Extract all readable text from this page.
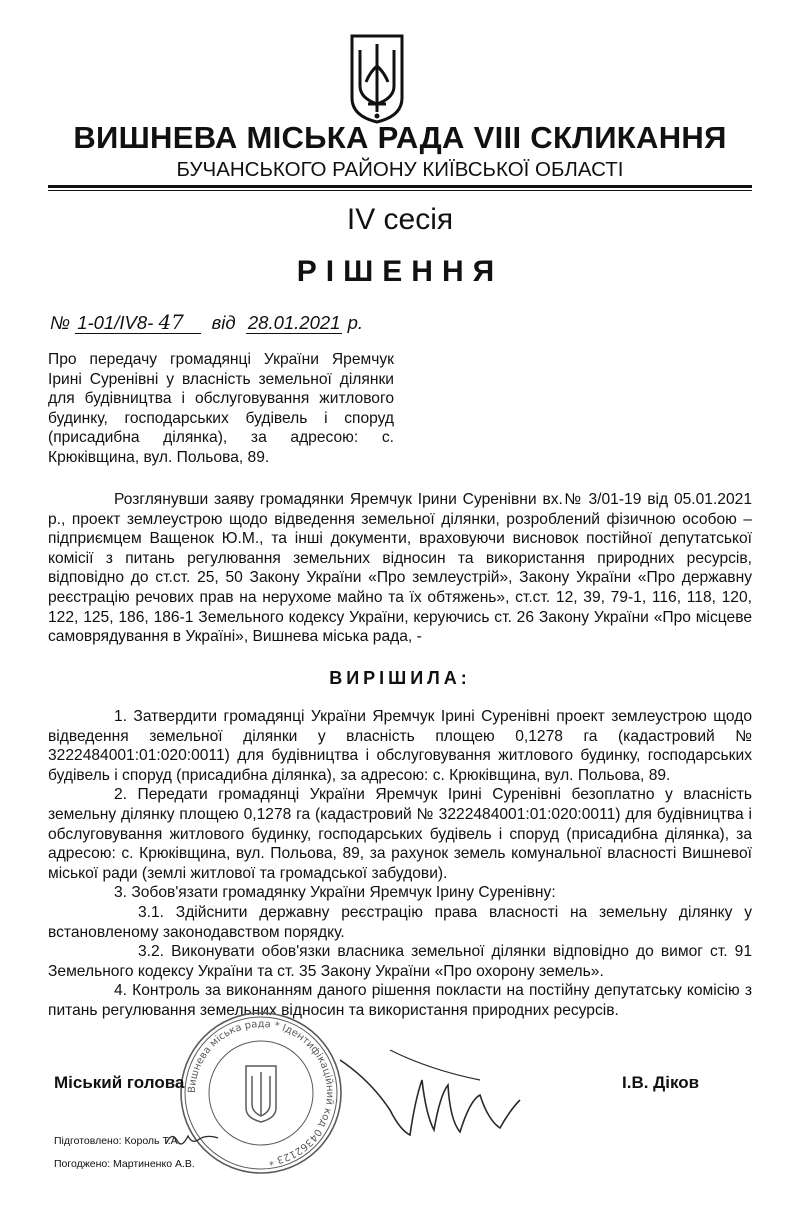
ВИШНЕВА МІСЬКА РАДА VIII СКЛИКАННЯ
БУЧАНСЬКОГО РАЙОНУ КИЇВСЬКОЇ ОБЛАСТІ
IV сесія
РІШЕННЯ
№ 1-01/IV8- 47 від 28.01.2021 р.
Про передачу громадянці України Яремчук Ірині Суренівні у власність земельної ділянки для будівництва і обслуговування житлового будинку, господарських будівель і споруд (присадибна ділянка), за адресою: с. Крюківщина, вул. Польова, 89.
Розглянувши заяву громадянки Яремчук Ірини Суренівни вх.№ 3/01-19 від 05.01.2021 р., проект землеустрою щодо відведення земельної ділянки, розроблений фізичною особою – підприємцем Ващенок Ю.М., та інші документи, враховуючи висновок постійної депутатської комісії з питань регулювання земельних відносин та використання природних ресурсів, відповідно до ст.ст. 25, 50 Закону України «Про землеустрій», Закону України «Про державну реєстрацію речових прав на нерухоме майно та їх обтяжень», ст.ст. 12, 39, 79-1, 116, 118, 120, 122, 125, 186, 186-1 Земельного кодексу України, керуючись ст. 26 Закону України «Про місцеве самоврядування в Україні», Вишнева міська рада, -
ВИРІШИЛА:

1. Затвердити громадянці України Яремчук Ірині Суренівні проект землеустрою щодо відведення земельної ділянки у власність площею 0,1278 га (кадастровий № 3222484001:01:020:0011) для будівництва і обслуговування житлового будинку, господарських будівель і споруд (присадибна ділянка), за адресою: с. Крюківщина, вул. Польова, 89.

2. Передати громадянці України Яремчук Ірині Суренівні безоплатно у власність земельну ділянку площею 0,1278 га (кадастровий № 3222484001:01:020:0011) для будівництва і обслуговування житлового будинку, господарських будівель і споруд (присадибна ділянка), за адресою: с. Крюківщина, вул. Польова, 89, за рахунок земель комунальної власності Вишневої міської ради (землі житлової та громадської забудови).

3. Зобов'язати громадянку України Яремчук Ірину Суренівну:

3.1. Здійснити державну реєстрацію права власності на земельну ділянку у встановленому законодавством порядку.

3.2. Виконувати обов'язки власника земельної ділянки відповідно до вимог ст. 91 Земельного кодексу України та ст. 35 Закону України «Про охорону земель».

4. Контроль за виконанням даного рішення покласти на постійну депутатську комісію з питань регулювання земельних відносин та використання природних ресурсів.

Вишнева міська рада * Ідентифікаційний код 04362123 *
Міський голова	І.В. Діков
Підготовлено: Король Т.А.
Погоджено: Мартиненко А.В.
